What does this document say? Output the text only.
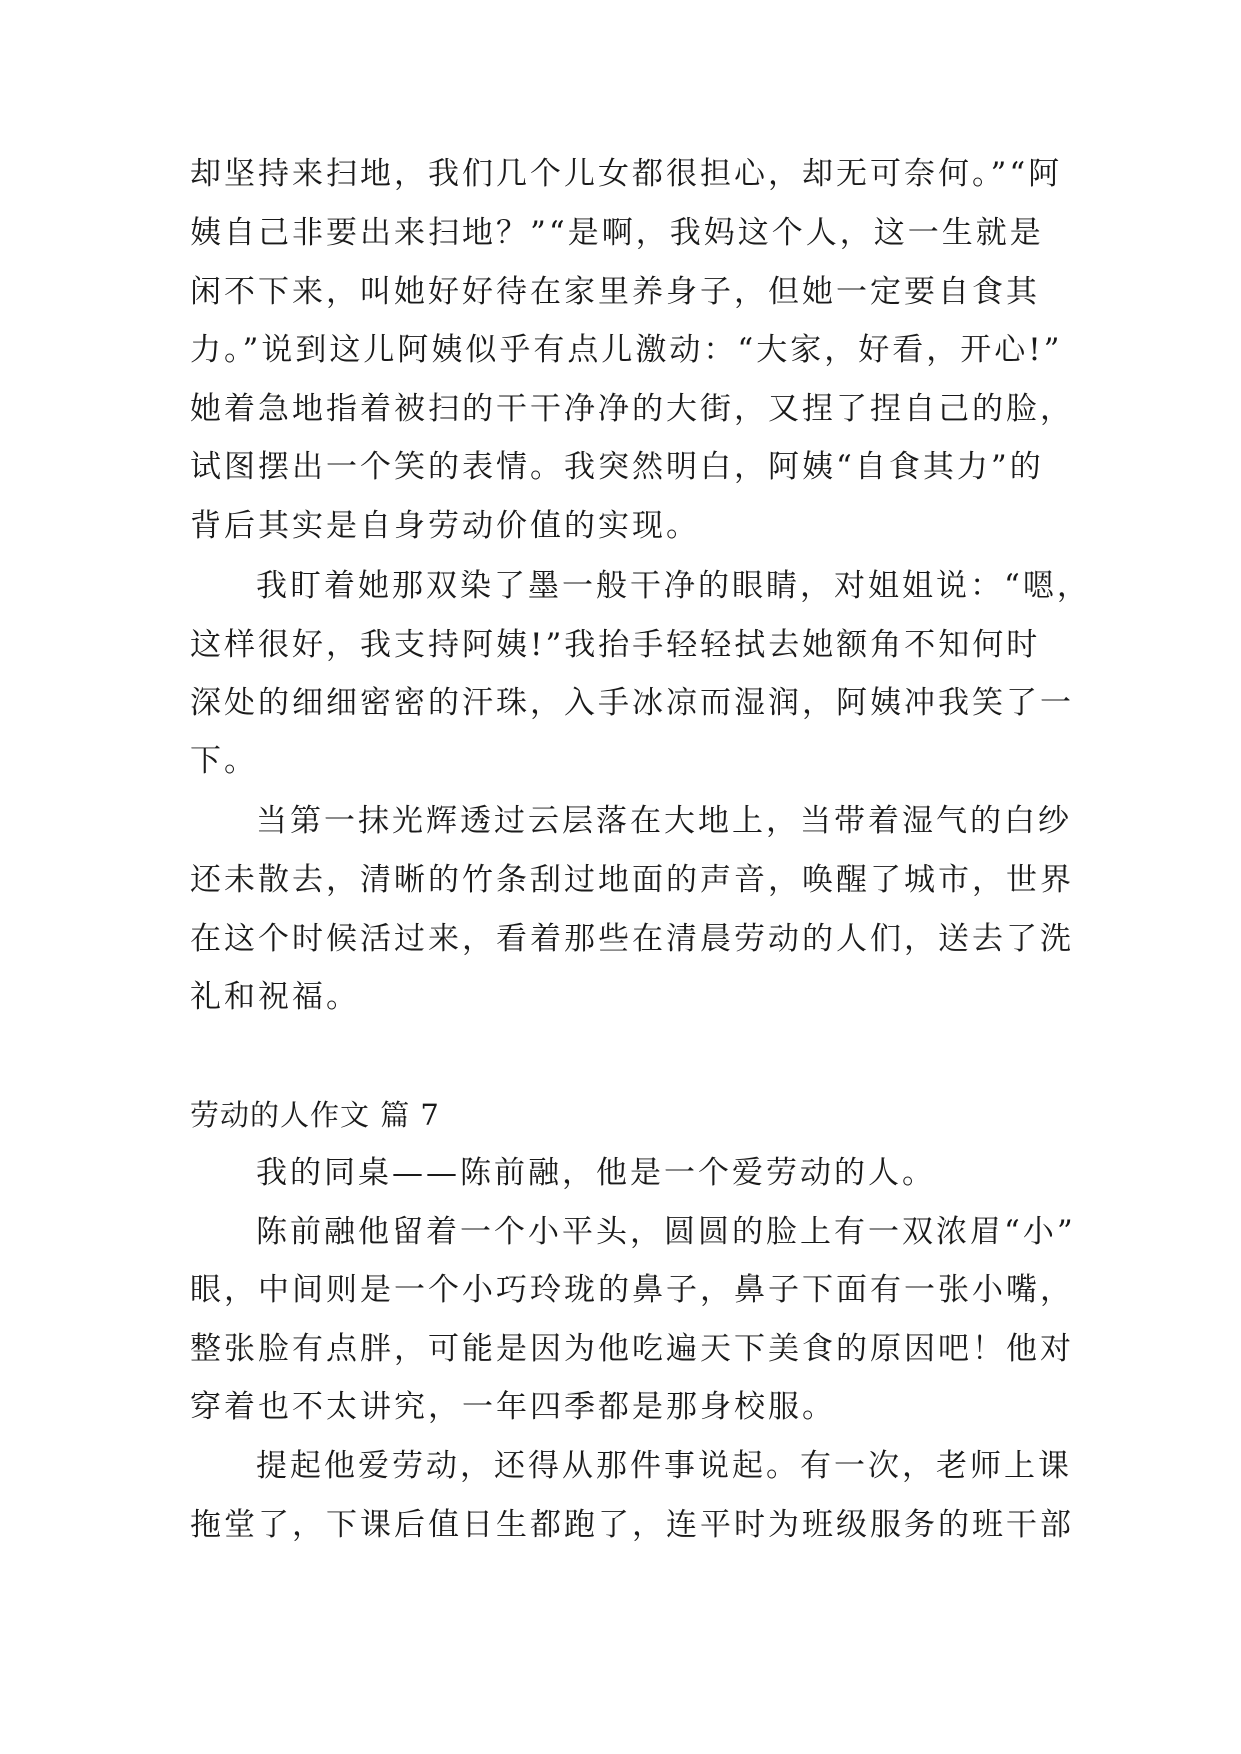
却坚持来扫地，我们几个儿女都很担心，却无可奈何。”“阿
姨自己非要出来扫地？”“是啊，我妈这个人，这一生就是
闲不下来，叫她好好待在家里养身子，但她一定要自食其
力。”说到这儿阿姨似乎有点儿激动：“大家，好看，开心!”
她着急地指着被扫的干干净净的大街，又捏了捏自己的脸，
试图摆出一个笑的表情。我突然明白，阿姨“自食其力”的
背后其实是自身劳动价值的实现。
我盯着她那双染了墨一般干净的眼睛，对姐姐说：“嗯，
这样很好，我支持阿姨!”我抬手轻轻拭去她额角不知何时
深处的细细密密的汗珠，入手冰凉而湿润，阿姨冲我笑了一
下。
当第一抹光辉透过云层落在大地上，当带着湿气的白纱
还未散去，清晰的竹条刮过地面的声音，唤醒了城市，世界
在这个时候活过来，看着那些在清晨劳动的人们，送去了洗
礼和祝福。
劳动的人作文 篇 7
我的同桌——陈前融，他是一个爱劳动的人。
陈前融他留着一个小平头，圆圆的脸上有一双浓眉“小”
眼，中间则是一个小巧玲珑的鼻子，鼻子下面有一张小嘴，
整张脸有点胖，可能是因为他吃遍天下美食的原因吧！他对
穿着也不太讲究，一年四季都是那身校服。
提起他爱劳动，还得从那件事说起。有一次，老师上课
拖堂了，下课后值日生都跑了，连平时为班级服务的班干部
